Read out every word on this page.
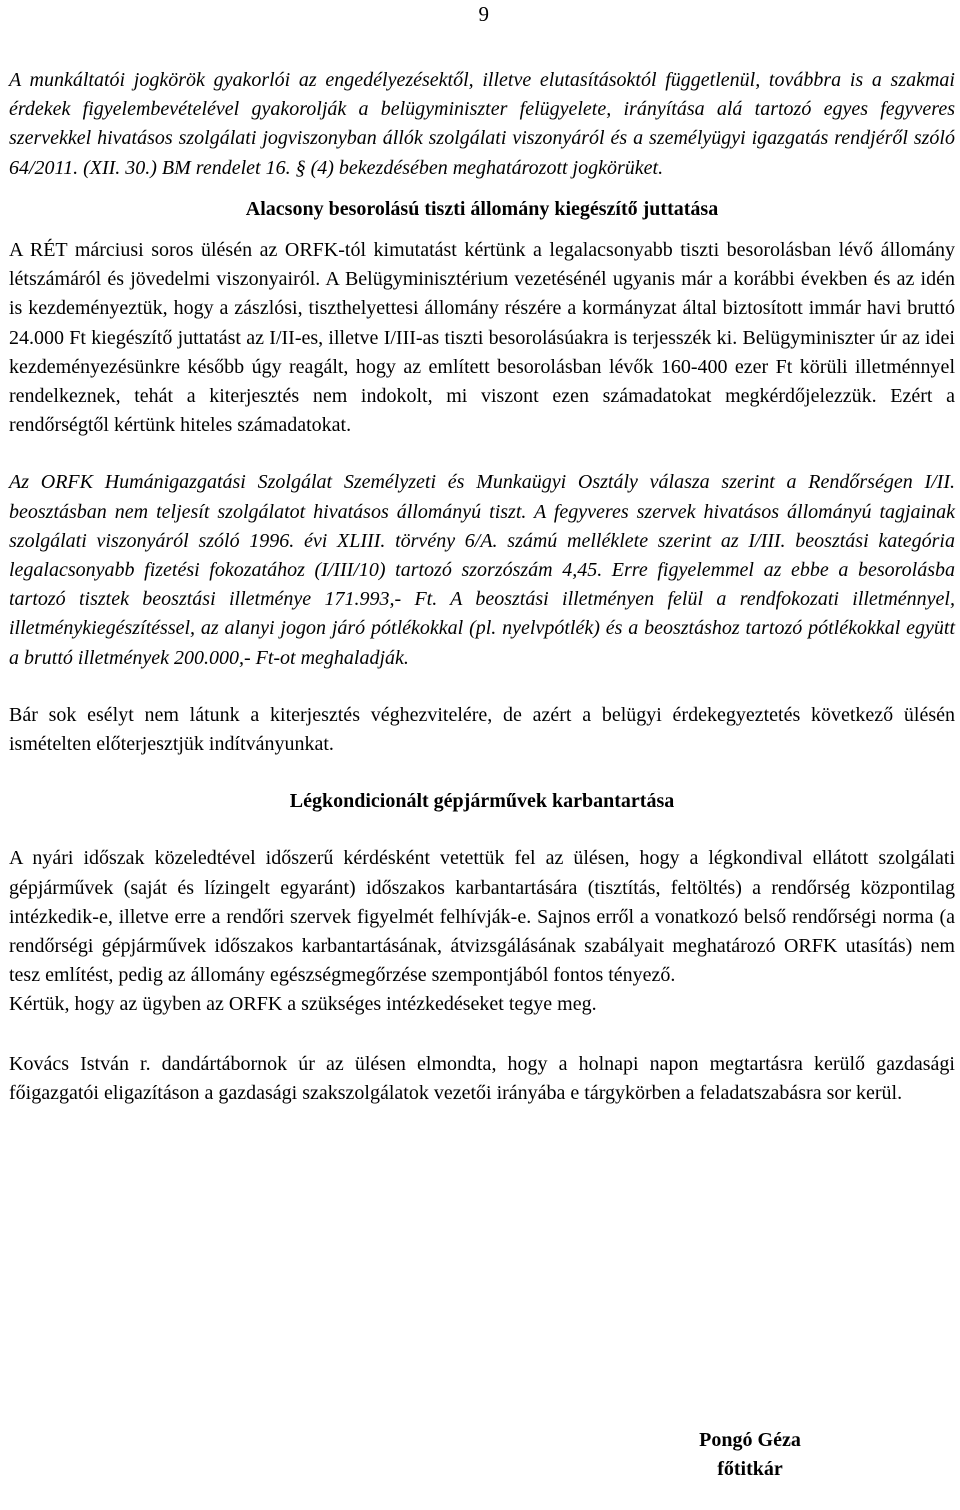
9

A munkáltatói jogkörök gyakorlói az engedélyezésektől, illetve elutasításoktól függetlenül, továbbra is a szakmai érdekek figyelembevételével gyakorolják a belügyminiszter felügyelete, irányítása alá tartozó egyes fegyveres szervekkel hivatásos szolgálati jogviszonyban állók szolgálati viszonyáról és a személyügyi igazgatás rendjéről szóló 64/2011. (XII. 30.) BM rendelet 16. § (4) bekezdésében meghatározott jogkörüket.

Alacsony besorolású tiszti állomány kiegészítő juttatása

A RÉT márciusi soros ülésén az ORFK-tól kimutatást kértünk a legalacsonyabb tiszti besorolásban lévő állomány létszámáról és jövedelmi viszonyairól. A Belügyminisztérium vezetésénél ugyanis már a korábbi években és az idén is kezdeményeztük, hogy a zászlósi, tiszthelyettesi állomány részére a kormányzat által biztosított immár havi bruttó 24.000 Ft kiegészítő juttatást az I/II-es, illetve I/III-as tiszti besorolásúakra is terjesszék ki. Belügyminiszter úr az idei kezdeményezésünkre később úgy reagált, hogy az említett besorolásban lévők 160-400 ezer Ft körüli illetménnyel rendelkeznek, tehát a kiterjesztés nem indokolt, mi viszont ezen számadatokat megkérdőjelezzük. Ezért a rendőrségtől kértünk hiteles számadatokat.

Az ORFK Humánigazgatási Szolgálat Személyzeti és Munkaügyi Osztály válasza szerint a Rendőrségen I/II. beosztásban nem teljesít szolgálatot hivatásos állományú tiszt. A fegyveres szervek hivatásos állományú tagjainak szolgálati viszonyáról szóló 1996. évi XLIII. törvény 6/A. számú melléklete szerint az I/III. beosztási kategória legalacsonyabb fizetési fokozatához (I/III/10) tartozó szorzószám 4,45. Erre figyelemmel az ebbe a besorolásba tartozó tisztek beosztási illetménye 171.993,- Ft. A beosztási illetményen felül a rendfokozati illetménnyel, illetménykiegészítéssel, az alanyi jogon járó pótlékokkal (pl. nyelvpótlék) és a beosztáshoz tartozó pótlékokkal együtt a bruttó illetmények 200.000,- Ft-ot meghaladják.

Bár sok esélyt nem látunk a kiterjesztés véghezvitelére, de azért a belügyi érdekegyeztetés következő ülésén ismételten előterjesztjük indítványunkat.

Légkondicionált gépjárművek karbantartása

A nyári időszak közeledtével időszerű kérdésként vetettük fel az ülésen, hogy a légkondival ellátott szolgálati gépjárművek (saját és lízingelt egyaránt) időszakos karbantartására (tisztítás, feltöltés) a rendőrség központilag intézkedik-e, illetve erre a rendőri szervek figyelmét felhívják-e. Sajnos erről a vonatkozó belső rendőrségi norma (a rendőrségi gépjárművek időszakos karbantartásának, átvizsgálásának szabályait meghatározó ORFK utasítás) nem tesz említést, pedig az állomány egészségmegőrzése szempontjából fontos tényező.

Kértük, hogy az ügyben az ORFK a szükséges intézkedéseket tegye meg.

Kovács István r. dandártábornok úr az ülésen elmondta, hogy a holnapi napon megtartásra kerülő gazdasági főigazgatói eligazításon a gazdasági szakszolgálatok vezetői irányába e tárgykörben a feladatszabásra sor kerül.

Pongó Géza
főtitkár
